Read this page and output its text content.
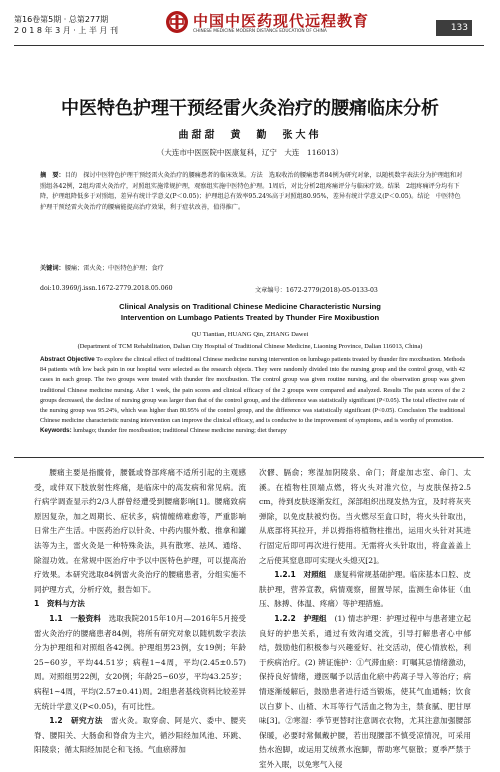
第16卷第5期 · 总第277期
2 0 1 8 年 3 月 · 上 半 月 刊
中国中医药现代远程教育
CHINESE MEDICINE MODERN DISTANCE EDUCATION OF CHINA	133
中医特色护理干预经雷火灸治疗的腰痛临床分析
曲甜甜　黄　勤　张大伟
（大连市中医医院中医康复科，辽宁　大连　116013）
摘　要：目的　探讨中医特色护理干预经雷火灸治疗的腰痛患者的临床效果。方法　选取收治的腰痛患者84例为研究对象，以随机数字表法分为护理组和对照组各42例，2组均雷火灸治疗，对照组实施常规护理，观察组实施中医特色护理。1周后，对比分析2组疼痛评分与临床疗效。结果　2组疼痛评分均有下降，护理组降低多于对照组，差异有统计学意义(P＜0.05)；护理组总有效率95.24%高于对照组80.95%，差异有统计学意义(P＜0.05)。结论　中医特色护理干预经雷火灸治疗的腰痛能提高治疗效果，利于症状改善，值得推广。
关键词：腰痛；雷火灸；中医特色护理；食疗
doi:10.3969/j.issn.1672-2779.2018.05.060	文章编号：1672-2779(2018)-05-0133-03
Clinical Analysis on Traditional Chinese Medicine Characteristic Nursing Intervention on Lumbago Patients Treated by Thunder Fire Moxibustion
QU Tiantian, HUANG Qin, ZHANG Dawei
(Department of TCM Rehabilitation, Dalian City Hospital of Traditional Chinese Medicine, Liaoning Province, Dalian 116013, China)
Abstract Objective To explore the clinical effect of traditional Chinese medicine nursing intervention on lumbago patients treated by thunder fire moxibustion. Methods 84 patients with low back pain in our hospital were selected as the research objects. They were randomly divided into the nursing group and the control group, with 42 cases in each group. The two groups were treated with thunder fire moxibustion. The control group was given routine nursing, and the observation group was given traditional Chinese medicine nursing. After 1 week, the pain scores and clinical efficacy of the 2 groups were compared and analyzed. Results The pain scores of the 2 groups decreased, the decline of nursing group was larger than that of the control group, and the difference was statistically significant (P<0.05). The total effective rate of the nursing group was 95.24%, which was higher than 80.95% of the control group, and the difference was statistically significant (P<0.05). Conclusion The traditional Chinese medicine characteristic nursing intervention can improve the clinical efficacy, and is conducive to the improvement of symptoms, and is worthy of promotion.
Keywords: lumbago; thunder fire moxibustion; traditional Chinese medicine nursing; diet therapy

腰痛主要是指髋骨，腰骶或脊部疼痛不适所引起的主观感受，或伴双下肢放射性疼痛，是临床中的高发病和常见病。流行病学调查显示约2/3人群曾经遭受到腰痛影响[1]。腰痛致病原因复杂，加之周期长、症状多，病情缠绵难愈等，严重影响日常生产生活。中医药治疗以针灸、中药内服外敷、推拿和罐法等为主，雷火灸是一种特殊灸法，具有散寒、祛风、通络、除湿功效。在常规中医治疗中予以中医特色护理，可以提高治疗效果。本研究选取84例雷火灸治疗的腰痛患者，分组实施不同护理方式，分析疗效，报告如下。

1　资料与方法

1.1　一般资料　 选取我院2015年10月—2016年5月接受雷火灸治疗的腰痛患者84例，将所有研究对象以随机数字表法分为护理组和对照组各42例。护理组男23例，女19例；年龄25~60岁，平均44.51岁；病程1~4周，平均(2.45±0.57)周。对照组男22例，女20例；年龄25~60岁，平均43.25岁；病程1~4周，平均(2.57±0.41)周。2组患者基线资料比较差异无统计学意义(P<0.05)，有可比性。

1.2　研究方法　 雷火灸。取穿俞、阿是穴、委中、腰夹脊、腰阳关、大肠俞和脊俞为主穴，循沙阳经加风池、环跳、阳陵泉；循太阳经加昆仑和飞扬。气血瘀滞加

次髎、膈俞；寒湿加阴陵泉、命门；肾虚加志室、命门、太溪。在植物柱顶端点燃，将火头对准穴位，与皮肤保持2.5 cm，待到皮肤逐渐发红，深部组织出现发热为宜，及时将灰夹弹除，以免皮肤被灼伤。当火燃尽至盒口时，将火头针取出，从底部将其拉开，并以拇指将植物柱推出，运用火头针对其进行固定后即可再次进行使用。无需将火头针取出，将盒盖盖上之后使其窒息即可实现火头熄灭[2]。

1.2.1　对照组　 康复科常规基础护理。临床基本口腔、皮肤护理，营养宣教，病情观察，留置导尿，监测生命体征（血压、脉搏、体温、疼痛）等护理措施。

1.2.2　护理组　 (1) 情志护理：护理过程中与患者建立起良好的护患关系，通过有效沟通交流，引导打解患者心中郁结，鼓励他们积极参与兴趣爱好、社交活动，使心情放松，利于疾病治疗。(2) 辨证施护：①气滞血瘀：叮嘱其忌情绪激动，保持良好情绪，遵医嘱予以活血化瘀中药离子导入等治疗；病情逐渐缓解后，鼓励患者进行适当锻炼，使其气血通畅；饮食以白萝卜、山楂、木耳等行气活血之物为主，禁食腻、肥甘厚味[3]。②寒湿：季节更替时注意调衣衣物，尤其注意加强腰部保暖，必要时常佩戴护腰，若出现腰部不慎受凉情况，可采用热水泡脚，或运用艾绒煮水泡脚，帮助寒气驱散；夏季严禁于室外入眠，以免寒气入侵
